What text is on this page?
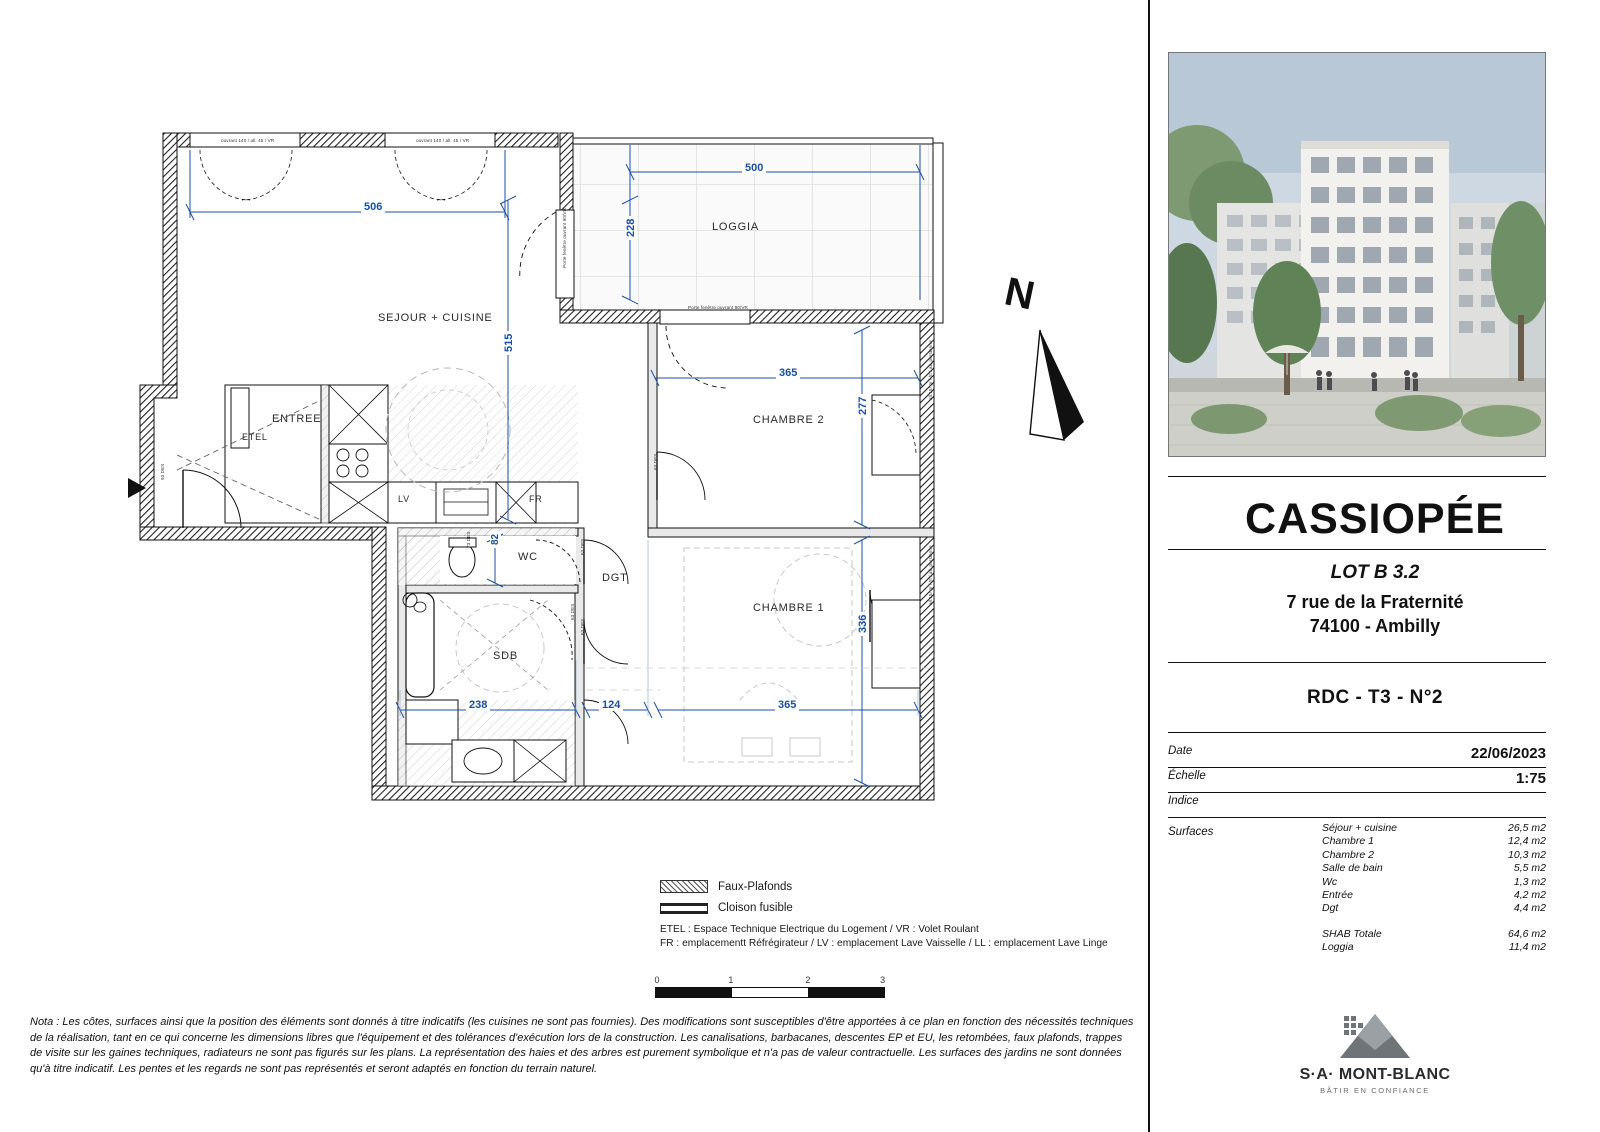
SEJOUR + CUISINE
LOGGIA
ENTREE
ETEL
WC
DGT
SDB
CHAMBRE 1
CHAMBRE 2
LV	FR
506
500
228
515
365
277
82
238	124	365
336
ouvrant 140 / all. 45 / VR	ouvrant 140 / all. 45 / VR
Porte fenêtre ouvrant 90/VR
Porte fenêtre ouvrant 90/VR
all.15/ gr / ht / all. persienne
all.15/ gr / ht / all. persienne
63 DES
63 DES
63 DES
93 DES
73 DES
63 DES
N
Faux-Plafonds
Cloison fusible
ETEL : Espace Technique Electrique du Logement / VR : Volet Roulant
FR : emplacementt Réfrégirateur / LV : emplacement Lave Vaisselle / LL : emplacement Lave Linge
0	1	2	3
Nota : Les côtes, surfaces ainsi que la position des éléments sont donnés à titre indicatifs (les cuisines ne sont pas fournies). Des modifications sont susceptibles d'être apportées à ce plan en fonction des nécessités techniques de la réalisation, tant en ce qui concerne les dimensions libres que l'équipement et des tolérances d'exécution lors de la construction. Les canalisations, barbacanes, descentes EP et EU, les retombées, faux plafonds, trappes de visite sur les gaines techniques, radiateurs ne sont pas figurés sur les plans. La représentation des haies et des arbres est purement symbolique et n'a pas de valeur contractuelle. Les surfaces des jardins ne sont données qu'à titre indicatif. Les pentes et les regards ne sont pas représentés et seront adaptés en fonction du terrain naturel.
CASSIOPÉE
LOT B 3.2
7 rue de la Fraternité
74100 - Ambilly
RDC - T3 - N°2
Date	22/06/2023
Échelle	1:75
Indice
Surfaces	Séjour + cuisine	26,5 m2
Chambre 1	12,4 m2
Chambre 2	10,3 m2
Salle de bain	5,5 m2
Wc	1,3 m2
Entrée	4,2 m2
Dgt	4,4 m2
SHAB Totale	64,6 m2
Loggia	11,4 m2
S·A· MONT-BLANC
BÂTIR EN CONFIANCE
